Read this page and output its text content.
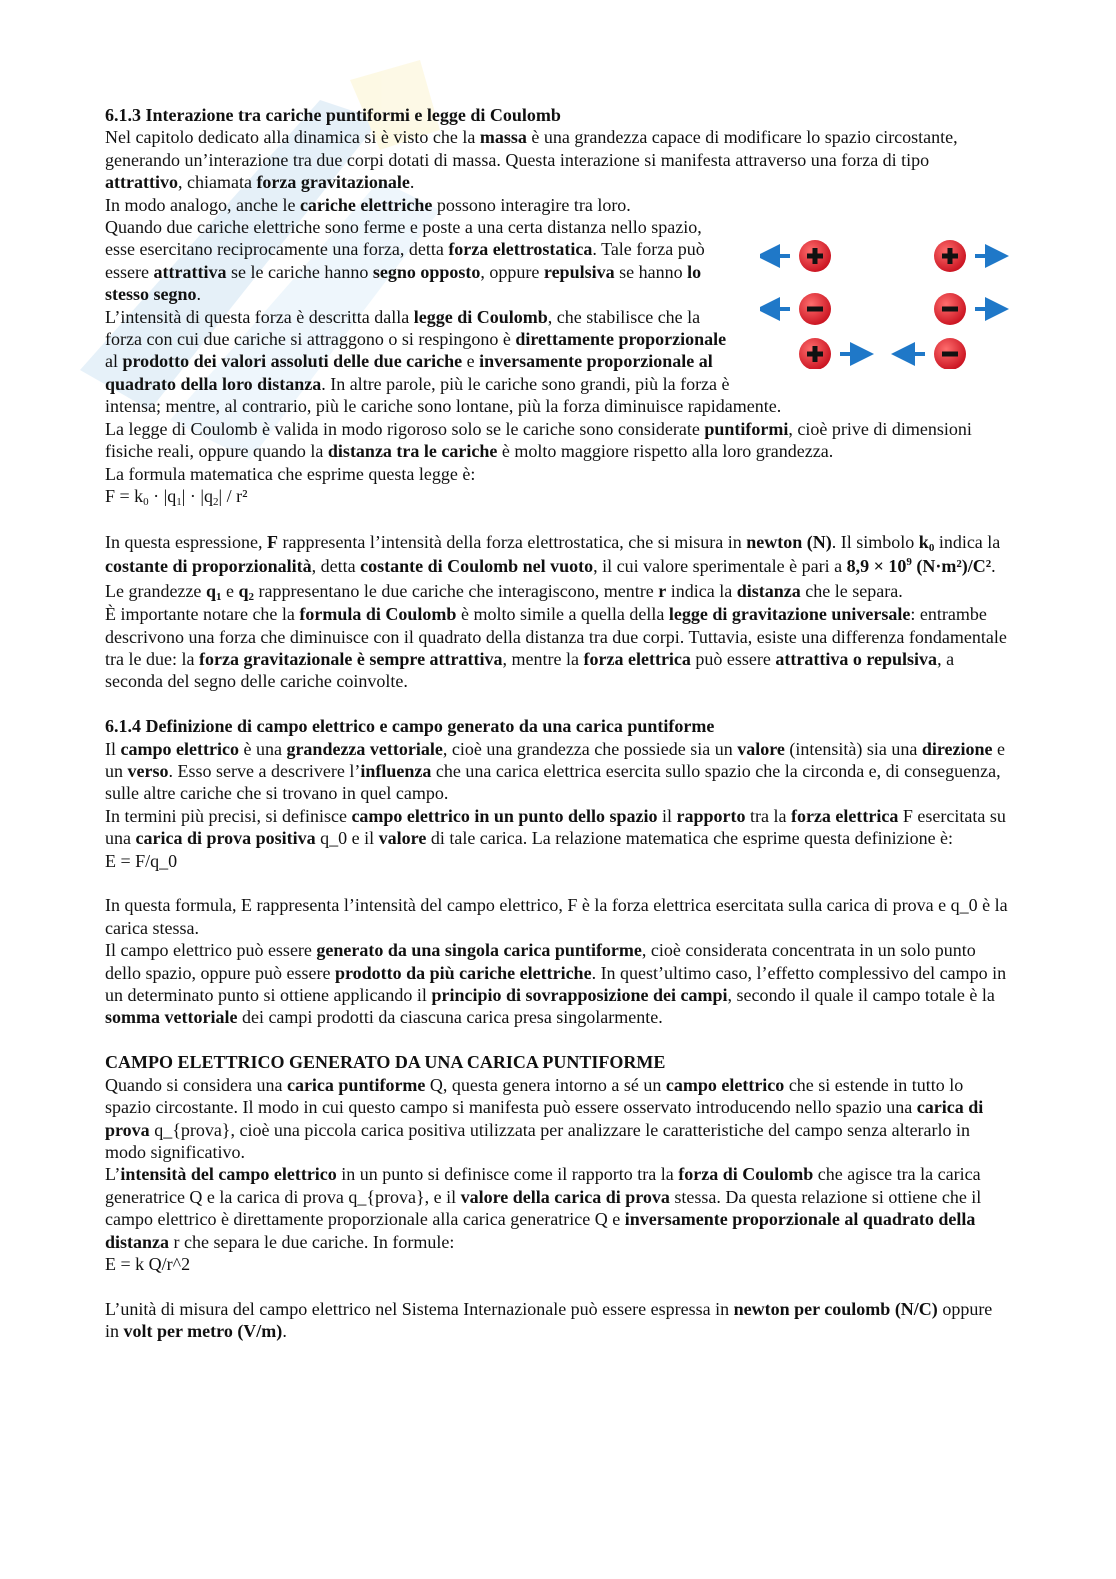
6.1.3 Interazione tra cariche puntiformi e legge di Coulomb

Nel capitolo dedicato alla dinamica si è visto che la massa è una grandezza capace di modificare lo spazio circostante, generando un’interazione tra due corpi dotati di massa. Questa interazione si manifesta attraverso una forza di tipo attrattivo, chiamata forza gravitazionale.

In modo analogo, anche le cariche elettriche possono interagire tra loro.

Quando due cariche elettriche sono ferme e poste a una certa distanza nello spazio, esse esercitano reciprocamente una forza, detta forza elettrostatica. Tale forza può essere attrattiva se le cariche hanno segno opposto, oppure repulsiva se hanno lo stesso segno.

L’intensità di questa forza è descritta dalla legge di Coulomb, che stabilisce che la forza con cui due cariche si attraggono o si respingono è direttamente proporzionale al prodotto dei valori assoluti delle due cariche e inversamente proporzionale al quadrato della loro distanza. In altre parole, più le cariche sono grandi, più la forza è intensa; mentre, al contrario, più le cariche sono lontane, più la forza diminuisce rapidamente.

La legge di Coulomb è valida in modo rigoroso solo se le cariche sono considerate puntiformi, cioè prive di dimensioni fisiche reali, oppure quando la distanza tra le cariche è molto maggiore rispetto alla loro grandezza.

La formula matematica che esprime questa legge è:

$F = k_0 \cdot |q_1| \cdot |q_2| / r^2$

In questa espressione, F rappresenta l’intensità della forza elettrostatica, che si misura in newton (N). Il simbolo $k_0$ indica la costante di proporzionalità, detta costante di Coulomb nel vuoto, il cui valore sperimentale è pari a $8,9 \times 10^9$ (N·m²)/C². Le grandezze $q_1$ e $q_2$ rappresentano le due cariche che interagiscono, mentre r indica la distanza che le separa.

È importante notare che la formula di Coulomb è molto simile a quella della legge di gravitazione universale: entrambe descrivono una forza che diminuisce con il quadrato della distanza tra due corpi. Tuttavia, esiste una differenza fondamentale tra le due: la forza gravitazionale è sempre attrattiva, mentre la forza elettrica può essere attrattiva o repulsiva, a seconda del segno delle cariche coinvolte.

6.1.4 Definizione di campo elettrico e campo generato da una carica puntiforme

Il campo elettrico è una grandezza vettoriale, cioè una grandezza che possiede sia un valore (intensità) sia una direzione e un verso. Esso serve a descrivere l’influenza che una carica elettrica esercita sullo spazio che la circonda e, di conseguenza, sulle altre cariche che si trovano in quel campo.

In termini più precisi, si definisce campo elettrico in un punto dello spazio il rapporto tra la forza elettrica F esercitata su una carica di prova positiva q_0 e il valore di tale carica. La relazione matematica che esprime questa definizione è:

E = F/q_0

In questa formula, E rappresenta l’intensità del campo elettrico, F è la forza elettrica esercitata sulla carica di prova e q_0 è la carica stessa.

Il campo elettrico può essere generato da una singola carica puntiforme, cioè considerata concentrata in un solo punto dello spazio, oppure può essere prodotto da più cariche elettriche. In quest’ultimo caso, l’effetto complessivo del campo in un determinato punto si ottiene applicando il principio di sovrapposizione dei campi, secondo il quale il campo totale è la somma vettoriale dei campi prodotti da ciascuna carica presa singolarmente.

CAMPO ELETTRICO GENERATO DA UNA CARICA PUNTIFORME

Quando si considera una carica puntiforme Q, questa genera intorno a sé un campo elettrico che si estende in tutto lo spazio circostante. Il modo in cui questo campo si manifesta può essere osservato introducendo nello spazio una carica di prova q_{prova}, cioè una piccola carica positiva utilizzata per analizzare le caratteristiche del campo senza alterarlo in modo significativo.

L’intensità del campo elettrico in un punto si definisce come il rapporto tra la forza di Coulomb che agisce tra la carica generatrice Q e la carica di prova q_{prova}, e il valore della carica di prova stessa. Da questa relazione si ottiene che il campo elettrico è direttamente proporzionale alla carica generatrice Q e inversamente proporzionale al quadrato della distanza r che separa le due cariche. In formule:

E = k Q/r^2

L’unità di misura del campo elettrico nel Sistema Internazionale può essere espressa in newton per coulomb (N/C) oppure in volt per metro (V/m).
